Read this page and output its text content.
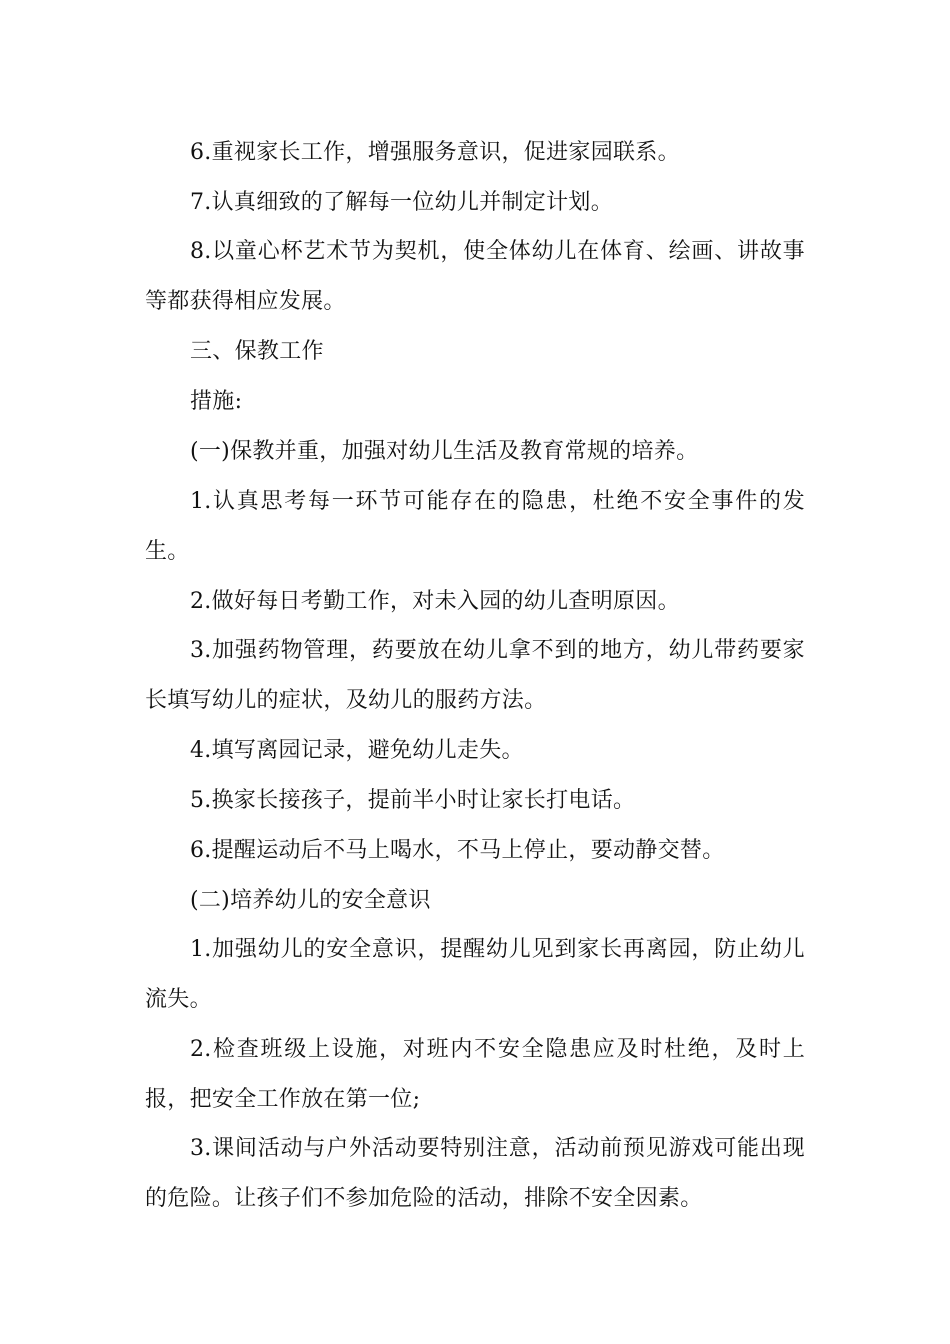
6.重视家长工作，增强服务意识，促进家园联系。
7.认真细致的了解每一位幼儿并制定计划。
8.以童心杯艺术节为契机，使全体幼儿在体育、绘画、讲故事
等都获得相应发展。
三、保教工作
措施:
(一)保教并重，加强对幼儿生活及教育常规的培养。
1.认真思考每一环节可能存在的隐患，杜绝不安全事件的发
生。
2.做好每日考勤工作，对未入园的幼儿查明原因。
3.加强药物管理，药要放在幼儿拿不到的地方，幼儿带药要家
长填写幼儿的症状，及幼儿的服药方法。
4.填写离园记录，避免幼儿走失。
5.换家长接孩子，提前半小时让家长打电话。
6.提醒运动后不马上喝水，不马上停止，要动静交替。
(二)培养幼儿的安全意识
1.加强幼儿的安全意识，提醒幼儿见到家长再离园，防止幼儿
流失。
2.检查班级上设施，对班内不安全隐患应及时杜绝，及时上
报，把安全工作放在第一位;
3.课间活动与户外活动要特别注意，活动前预见游戏可能出现
的危险。让孩子们不参加危险的活动，排除不安全因素。
